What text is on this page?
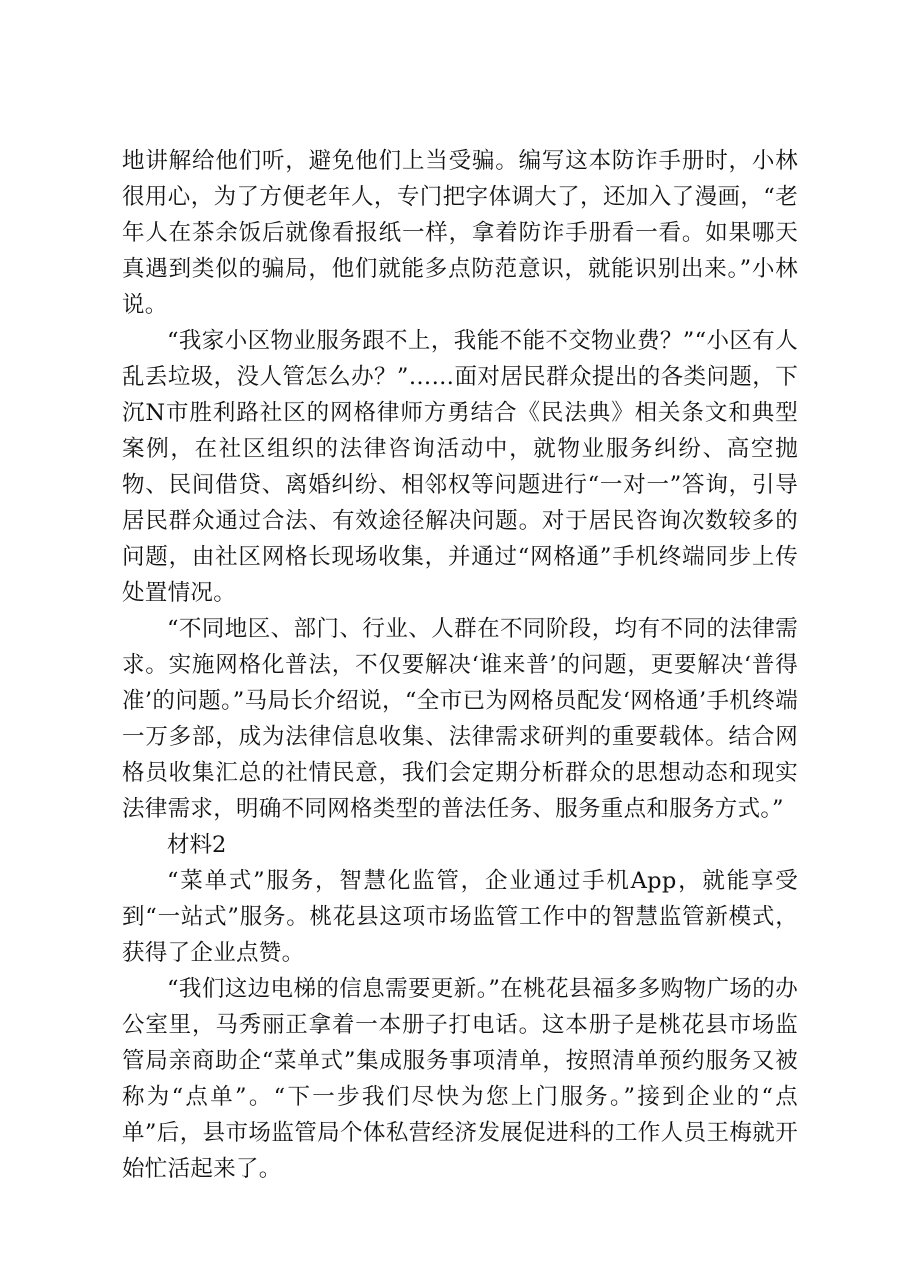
地讲解给他们听，避免他们上当受骗。编写这本防诈手册时，小林很用心，为了方便老年人，专门把字体调大了，还加入了漫画，“老年人在茶余饭后就像看报纸一样，拿着防诈手册看一看。如果哪天真遇到类似的骗局，他们就能多点防范意识，就能识别出来。”小林说。

“我家小区物业服务跟不上，我能不能不交物业费？”“小区有人乱丢垃圾，没人管怎么办？”……面对居民群众提出的各类问题，下沉N市胜利路社区的网格律师方勇结合《民法典》相关条文和典型案例，在社区组织的法律咨询活动中，就物业服务纠纷、高空抛物、民间借贷、离婚纠纷、相邻权等问题进行“一对一”答询，引导居民群众通过合法、有效途径解决问题。对于居民咨询次数较多的问题，由社区网格长现场收集，并通过“网格通”手机终端同步上传处置情况。

“不同地区、部门、行业、人群在不同阶段，均有不同的法律需求。实施网格化普法，不仅要解决‘谁来普’的问题，更要解决‘普得准’的问题。”马局长介绍说，“全市已为网格员配发‘网格通’手机终端一万多部，成为法律信息收集、法律需求研判的重要载体。结合网格员收集汇总的社情民意，我们会定期分析群众的思想动态和现实法律需求，明确不同网格类型的普法任务、服务重点和服务方式。”

材料2

“菜单式”服务，智慧化监管，企业通过手机App，就能享受到“一站式”服务。桃花县这项市场监管工作中的智慧监管新模式，获得了企业点赞。

“我们这边电梯的信息需要更新。”在桃花县福多多购物广场的办公室里，马秀丽正拿着一本册子打电话。这本册子是桃花县市场监管局亲商助企“菜单式”集成服务事项清单，按照清单预约服务又被称为“点单”。“下一步我们尽快为您上门服务。”接到企业的“点单”后，县市场监管局个体私营经济发展促进科的工作人员王梅就开始忙活起来了。
